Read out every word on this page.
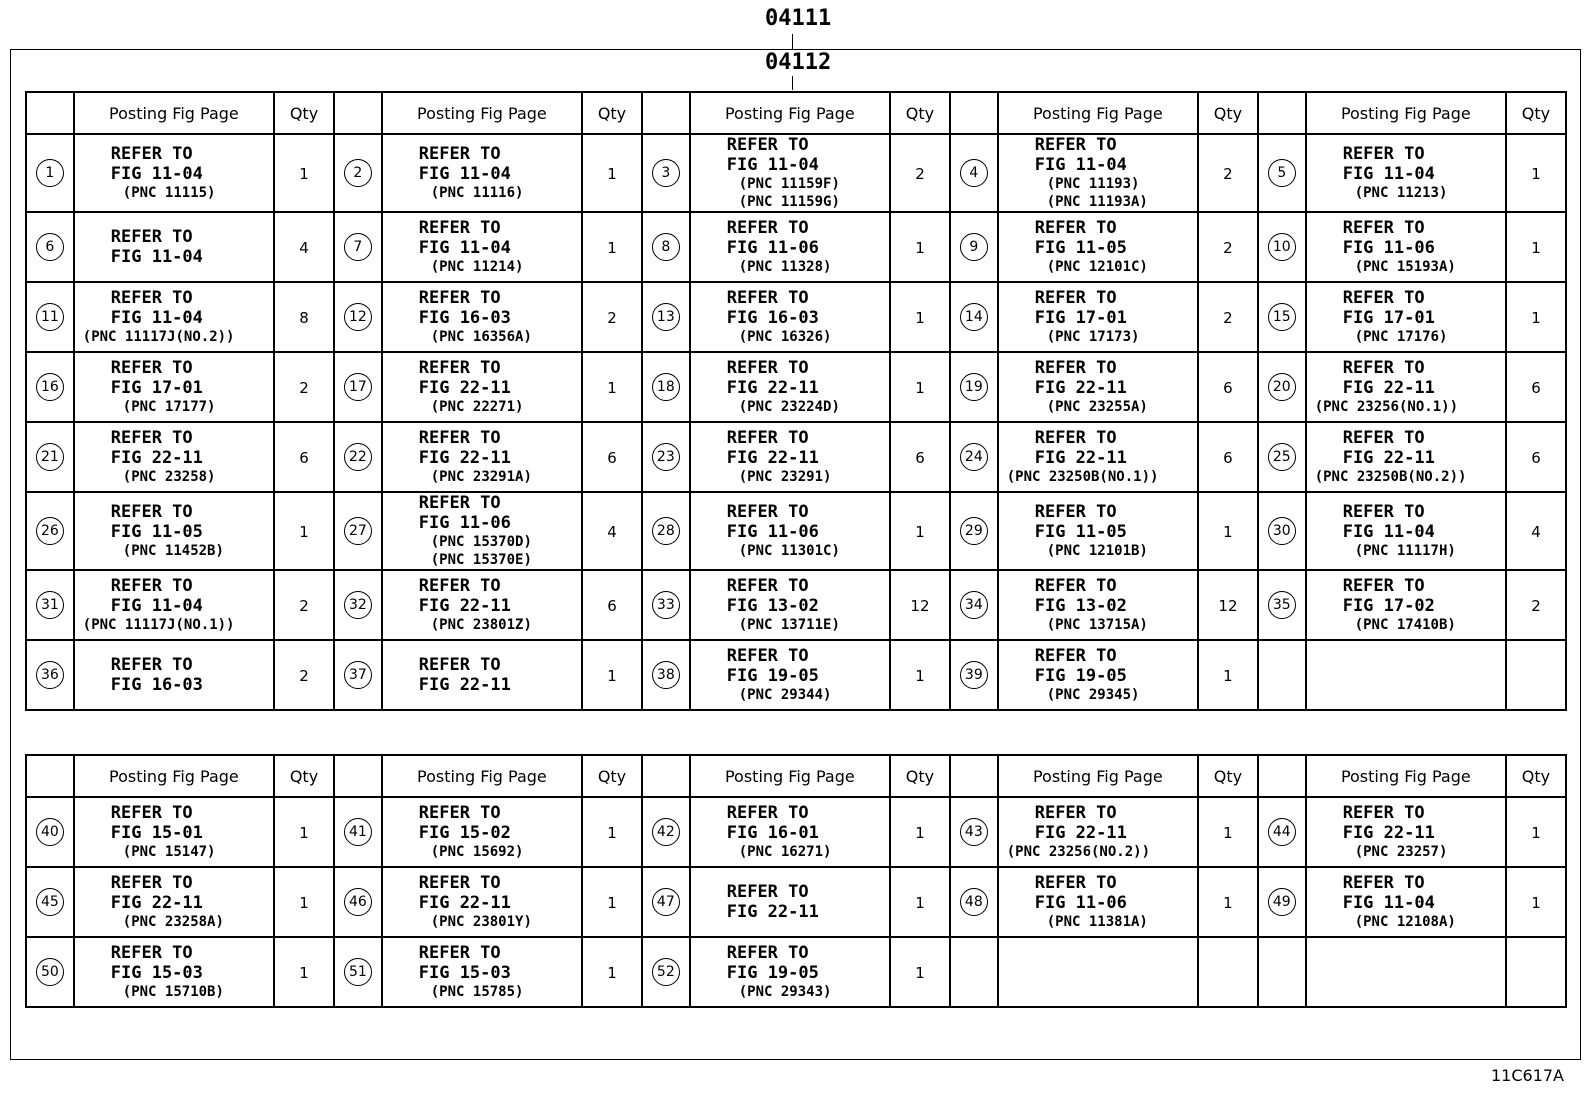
04111
04112
	Posting Fig Page	Qty		Posting Fig Page	Qty		Posting Fig Page	Qty		Posting Fig Page	Qty		Posting Fig Page	Qty
1	REFER TO
FIG 11-04
(PNC 11115)	1	2	REFER TO
FIG 11-04
(PNC 11116)	1	3	REFER TO
FIG 11-04
(PNC 11159F)
(PNC 11159G)	2	4	REFER TO
FIG 11-04
(PNC 11193)
(PNC 11193A)	2	5	REFER TO
FIG 11-04
(PNC 11213)	1
6	REFER TO
FIG 11-04	4	7	REFER TO
FIG 11-04
(PNC 11214)	1	8	REFER TO
FIG 11-06
(PNC 11328)	1	9	REFER TO
FIG 11-05
(PNC 12101C)	2	10	REFER TO
FIG 11-06
(PNC 15193A)	1
11	REFER TO
FIG 11-04
(PNC 11117J(NO.2))	8	12	REFER TO
FIG 16-03
(PNC 16356A)	2	13	REFER TO
FIG 16-03
(PNC 16326)	1	14	REFER TO
FIG 17-01
(PNC 17173)	2	15	REFER TO
FIG 17-01
(PNC 17176)	1
16	REFER TO
FIG 17-01
(PNC 17177)	2	17	REFER TO
FIG 22-11
(PNC 22271)	1	18	REFER TO
FIG 22-11
(PNC 23224D)	1	19	REFER TO
FIG 22-11
(PNC 23255A)	6	20	REFER TO
FIG 22-11
(PNC 23256(NO.1))	6
21	REFER TO
FIG 22-11
(PNC 23258)	6	22	REFER TO
FIG 22-11
(PNC 23291A)	6	23	REFER TO
FIG 22-11
(PNC 23291)	6	24	REFER TO
FIG 22-11
(PNC 23250B(NO.1))	6	25	REFER TO
FIG 22-11
(PNC 23250B(NO.2))	6
26	REFER TO
FIG 11-05
(PNC 11452B)	1	27	REFER TO
FIG 11-06
(PNC 15370D)
(PNC 15370E)	4	28	REFER TO
FIG 11-06
(PNC 11301C)	1	29	REFER TO
FIG 11-05
(PNC 12101B)	1	30	REFER TO
FIG 11-04
(PNC 11117H)	4
31	REFER TO
FIG 11-04
(PNC 11117J(NO.1))	2	32	REFER TO
FIG 22-11
(PNC 23801Z)	6	33	REFER TO
FIG 13-02
(PNC 13711E)	12	34	REFER TO
FIG 13-02
(PNC 13715A)	12	35	REFER TO
FIG 17-02
(PNC 17410B)	2
36	REFER TO
FIG 16-03	2	37	REFER TO
FIG 22-11	1	38	REFER TO
FIG 19-05
(PNC 29344)	1	39	REFER TO
FIG 19-05
(PNC 29345)	1			
	Posting Fig Page	Qty		Posting Fig Page	Qty		Posting Fig Page	Qty		Posting Fig Page	Qty		Posting Fig Page	Qty
40	REFER TO
FIG 15-01
(PNC 15147)	1	41	REFER TO
FIG 15-02
(PNC 15692)	1	42	REFER TO
FIG 16-01
(PNC 16271)	1	43	REFER TO
FIG 22-11
(PNC 23256(NO.2))	1	44	REFER TO
FIG 22-11
(PNC 23257)	1
45	REFER TO
FIG 22-11
(PNC 23258A)	1	46	REFER TO
FIG 22-11
(PNC 23801Y)	1	47	REFER TO
FIG 22-11	1	48	REFER TO
FIG 11-06
(PNC 11381A)	1	49	REFER TO
FIG 11-04
(PNC 12108A)	1
50	REFER TO
FIG 15-03
(PNC 15710B)	1	51	REFER TO
FIG 15-03
(PNC 15785)	1	52	REFER TO
FIG 19-05
(PNC 29343)	1						
11C617A
